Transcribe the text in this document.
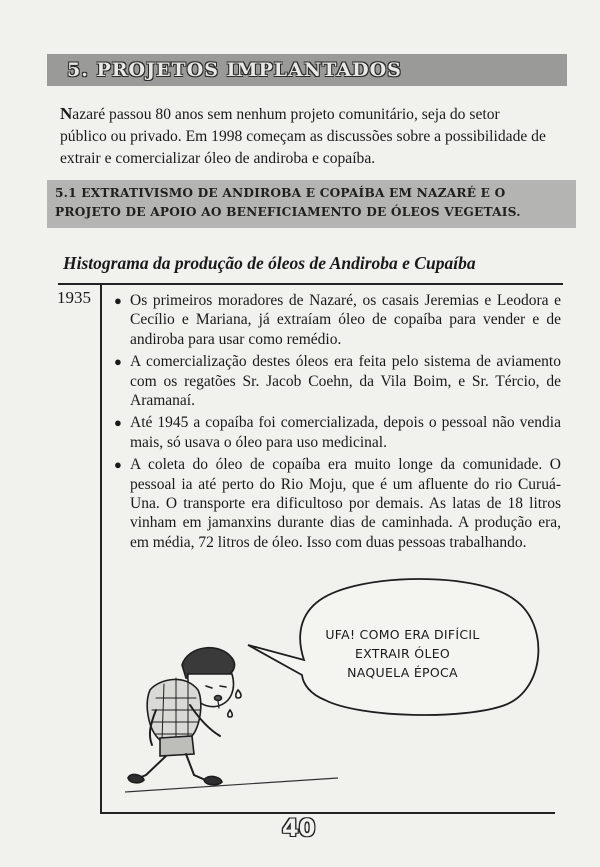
5. PROJETOS IMPLANTADOS

Nazaré passou 80 anos sem nenhum projeto comunitário, seja do setor público ou privado. Em 1998 começam as discussões sobre a possibilidade de extrair e comercializar óleo de andiroba e copaíba.

5.1 EXTRATIVISMO DE ANDIROBA E COPAÍBA EM NAZARÉ E O
PROJETO DE APOIO AO BENEFICIAMENTO DE ÓLEOS VEGETAIS.
Histograma da produção de óleos de Andiroba e Cupaíba
1935 ● Os primeiros moradores de Nazaré, os casais Jeremias e Leodora e Cecílio e Mariana, já extraíam óleo de copaíba para vender e de andiroba para usar como remédio.
● A comercialização destes óleos era feita pelo sistema de aviamento com os regatões Sr. Jacob Coehn, da Vila Boim, e Sr. Tércio, de Aramanaí.
● Até 1945 a copaíba foi comercializada, depois o pessoal não vendia mais, só usava o óleo para uso medicinal.
● A coleta do óleo de copaíba era muito longe da comunidade. O pessoal ia até perto do Rio Moju, que é um afluente do rio Curuá-Una. O transporte era dificultoso por demais. As latas de 18 litros vinham em jamanxins durante dias de caminhada. A produção era, em média, 72 litros de óleo. Isso com duas pessoas trabalhando.
UFA! COMO ERA DIFÍCIL
EXTRAIR ÓLEO
NAQUELA ÉPOCA
40
